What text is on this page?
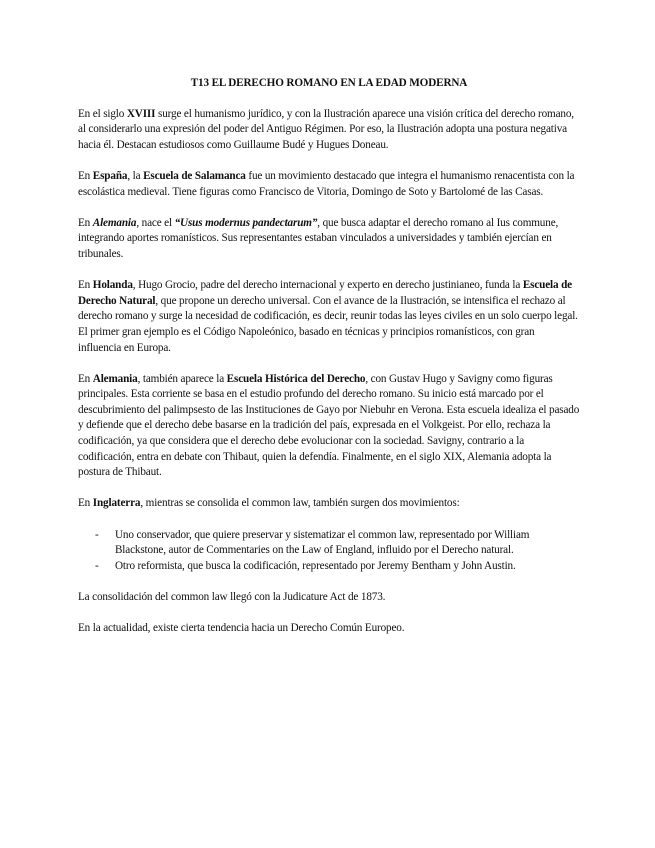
T13 EL DERECHO ROMANO EN LA EDAD MODERNA

En el siglo XVIII surge el humanismo jurídico, y con la Ilustración aparece una visión crítica del derecho romano, al considerarlo una expresión del poder del Antiguo Régimen. Por eso, la Ilustración adopta una postura negativa hacia él. Destacan estudiosos como Guillaume Budé y Hugues Doneau.

En España, la Escuela de Salamanca fue un movimiento destacado que integra el humanismo renacentista con la escolástica medieval. Tiene figuras como Francisco de Vitoria, Domingo de Soto y Bartolomé de las Casas.

En Alemania, nace el “Usus modernus pandectarum”, que busca adaptar el derecho romano al Ius commune, integrando aportes romanísticos. Sus representantes estaban vinculados a universidades y también ejercían en tribunales.

En Holanda, Hugo Grocio, padre del derecho internacional y experto en derecho justinianeo, funda la Escuela de Derecho Natural, que propone un derecho universal. Con el avance de la Ilustración, se intensifica el rechazo al derecho romano y surge la necesidad de codificación, es decir, reunir todas las leyes civiles en un solo cuerpo legal. El primer gran ejemplo es el Código Napoleónico, basado en técnicas y principios romanísticos, con gran influencia en Europa.

En Alemania, también aparece la Escuela Histórica del Derecho, con Gustav Hugo y Savigny como figuras principales. Esta corriente se basa en el estudio profundo del derecho romano. Su inicio está marcado por el descubrimiento del palimpsesto de las Instituciones de Gayo por Niebuhr en Verona. Esta escuela idealiza el pasado y defiende que el derecho debe basarse en la tradición del país, expresada en el Volkgeist. Por ello, rechaza la codificación, ya que considera que el derecho debe evolucionar con la sociedad. Savigny, contrario a la codificación, entra en debate con Thibaut, quien la defendía. Finalmente, en el siglo XIX, Alemania adopta la postura de Thibaut.

En Inglaterra, mientras se consolida el common law, también surgen dos movimientos:

- Uno conservador, que quiere preservar y sistematizar el common law, representado por William Blackstone, autor de Commentaries on the Law of England, influido por el Derecho natural.
- Otro reformista, que busca la codificación, representado por Jeremy Bentham y John Austin.

La consolidación del common law llegó con la Judicature Act de 1873.

En la actualidad, existe cierta tendencia hacia un Derecho Común Europeo.
